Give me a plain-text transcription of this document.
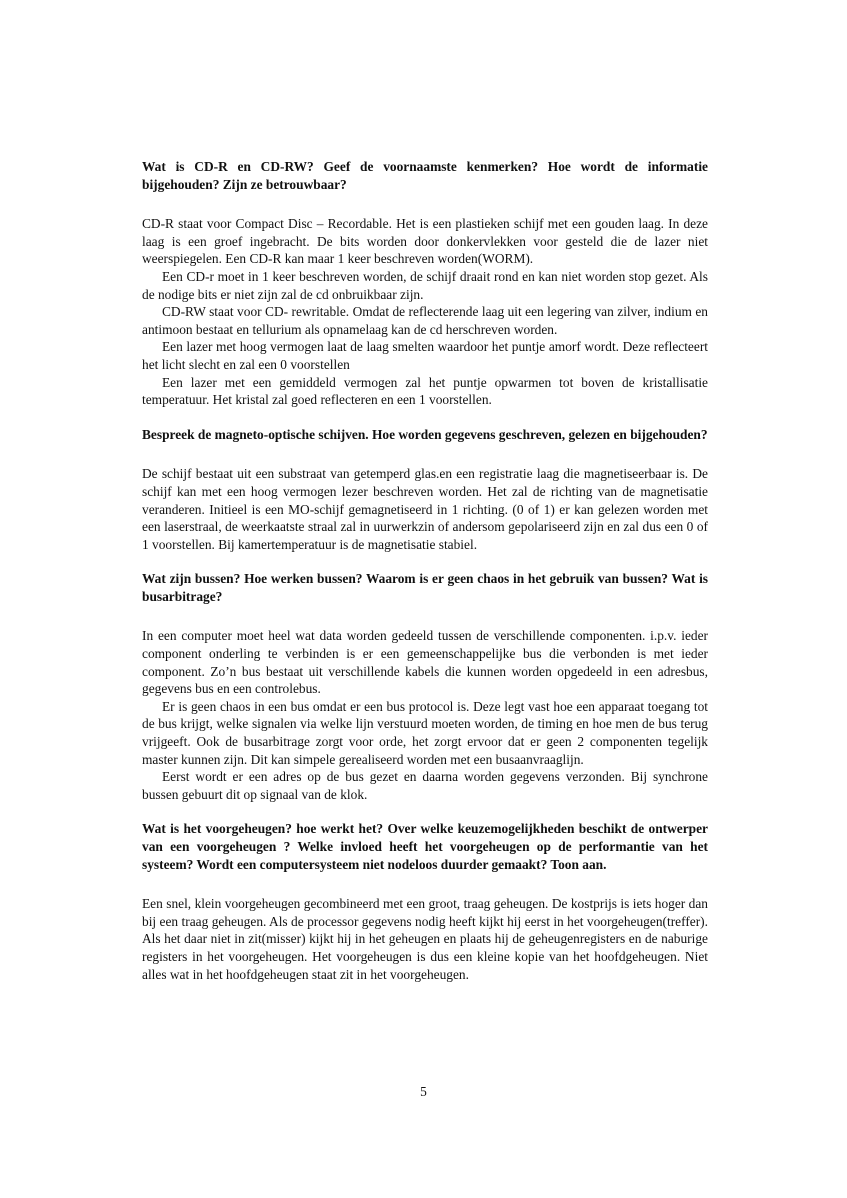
Wat is CD-R en CD-RW? Geef de voornaamste kenmerken? Hoe wordt de informatie bijgehouden? Zijn ze betrouwbaar?

CD-R staat voor Compact Disc – Recordable. Het is een plastieken schijf met een gouden laag. In deze laag is een groef ingebracht. De bits worden door donkervlekken voor gesteld die de lazer niet weerspiegelen. Een CD-R kan maar 1 keer beschreven worden(WORM).

Een CD-r moet in 1 keer beschreven worden, de schijf draait rond en kan niet worden stop gezet. Als de nodige bits er niet zijn zal de cd onbruikbaar zijn.

CD-RW staat voor CD- rewritable. Omdat de reflecterende laag uit een legering van zilver, indium en antimoon bestaat en tellurium als opnamelaag kan de cd herschreven worden.

Een lazer met hoog vermogen laat de laag smelten waardoor het puntje amorf wordt. Deze reflecteert het licht slecht en zal een 0 voorstellen

Een lazer met een gemiddeld vermogen zal het puntje opwarmen tot boven de kristallisatie temperatuur. Het kristal zal goed reflecteren en een 1 voorstellen.

Bespreek de magneto-optische schijven. Hoe worden gegevens geschreven, gelezen en bijgehouden?

De schijf bestaat uit een substraat van getemperd glas.en een registratie laag die magnetiseerbaar is. De schijf kan met een hoog vermogen lezer beschreven worden. Het zal de richting van de magnetisatie veranderen. Initieel is een MO-schijf gemagnetiseerd in 1 richting. (0 of 1) er kan gelezen worden met een laserstraal, de weerkaatste straal zal in uurwerkzin of andersom gepolariseerd zijn en zal dus een 0 of 1 voorstellen. Bij kamertemperatuur is de magnetisatie stabiel.

Wat zijn bussen? Hoe werken bussen? Waarom is er geen chaos in het gebruik van bussen? Wat is busarbitrage?

In een computer moet heel wat data worden gedeeld tussen de verschillende componenten. i.p.v. ieder component onderling te verbinden is er een gemeenschappelijke bus die verbonden is met ieder component. Zo’n bus bestaat uit verschillende kabels die kunnen worden opgedeeld in een adresbus, gegevens bus en een controlebus.

Er is geen chaos in een bus omdat er een bus protocol is. Deze legt vast hoe een apparaat toegang tot de bus krijgt, welke signalen via welke lijn verstuurd moeten worden, de timing en hoe men de bus terug vrijgeeft. Ook de busarbitrage zorgt voor orde, het zorgt ervoor dat er geen 2 componenten tegelijk master kunnen zijn. Dit kan simpele gerealiseerd worden met een busaanvraaglijn.

Eerst wordt er een adres op de bus gezet en daarna worden gegevens verzonden. Bij synchrone bussen gebuurt dit op signaal van de klok.

Wat is het voorgeheugen? hoe werkt het? Over welke keuzemogelijkheden beschikt de ontwerper van een voorgeheugen ? Welke invloed heeft het voorgeheugen op de performantie van het systeem? Wordt een computersysteem niet nodeloos duurder gemaakt? Toon aan.

Een snel, klein voorgeheugen gecombineerd met een groot, traag geheugen. De kostprijs is iets hoger dan bij een traag geheugen. Als de processor gegevens nodig heeft kijkt hij eerst in het voorgeheugen(treffer). Als het daar niet in zit(misser) kijkt hij in het geheugen en plaats hij de geheugenregisters en de naburige registers in het voorgeheugen. Het voorgeheugen is dus een kleine kopie van het hoofdgeheugen. Niet alles wat in het hoofdgeheugen staat zit in het voorgeheugen.

5
